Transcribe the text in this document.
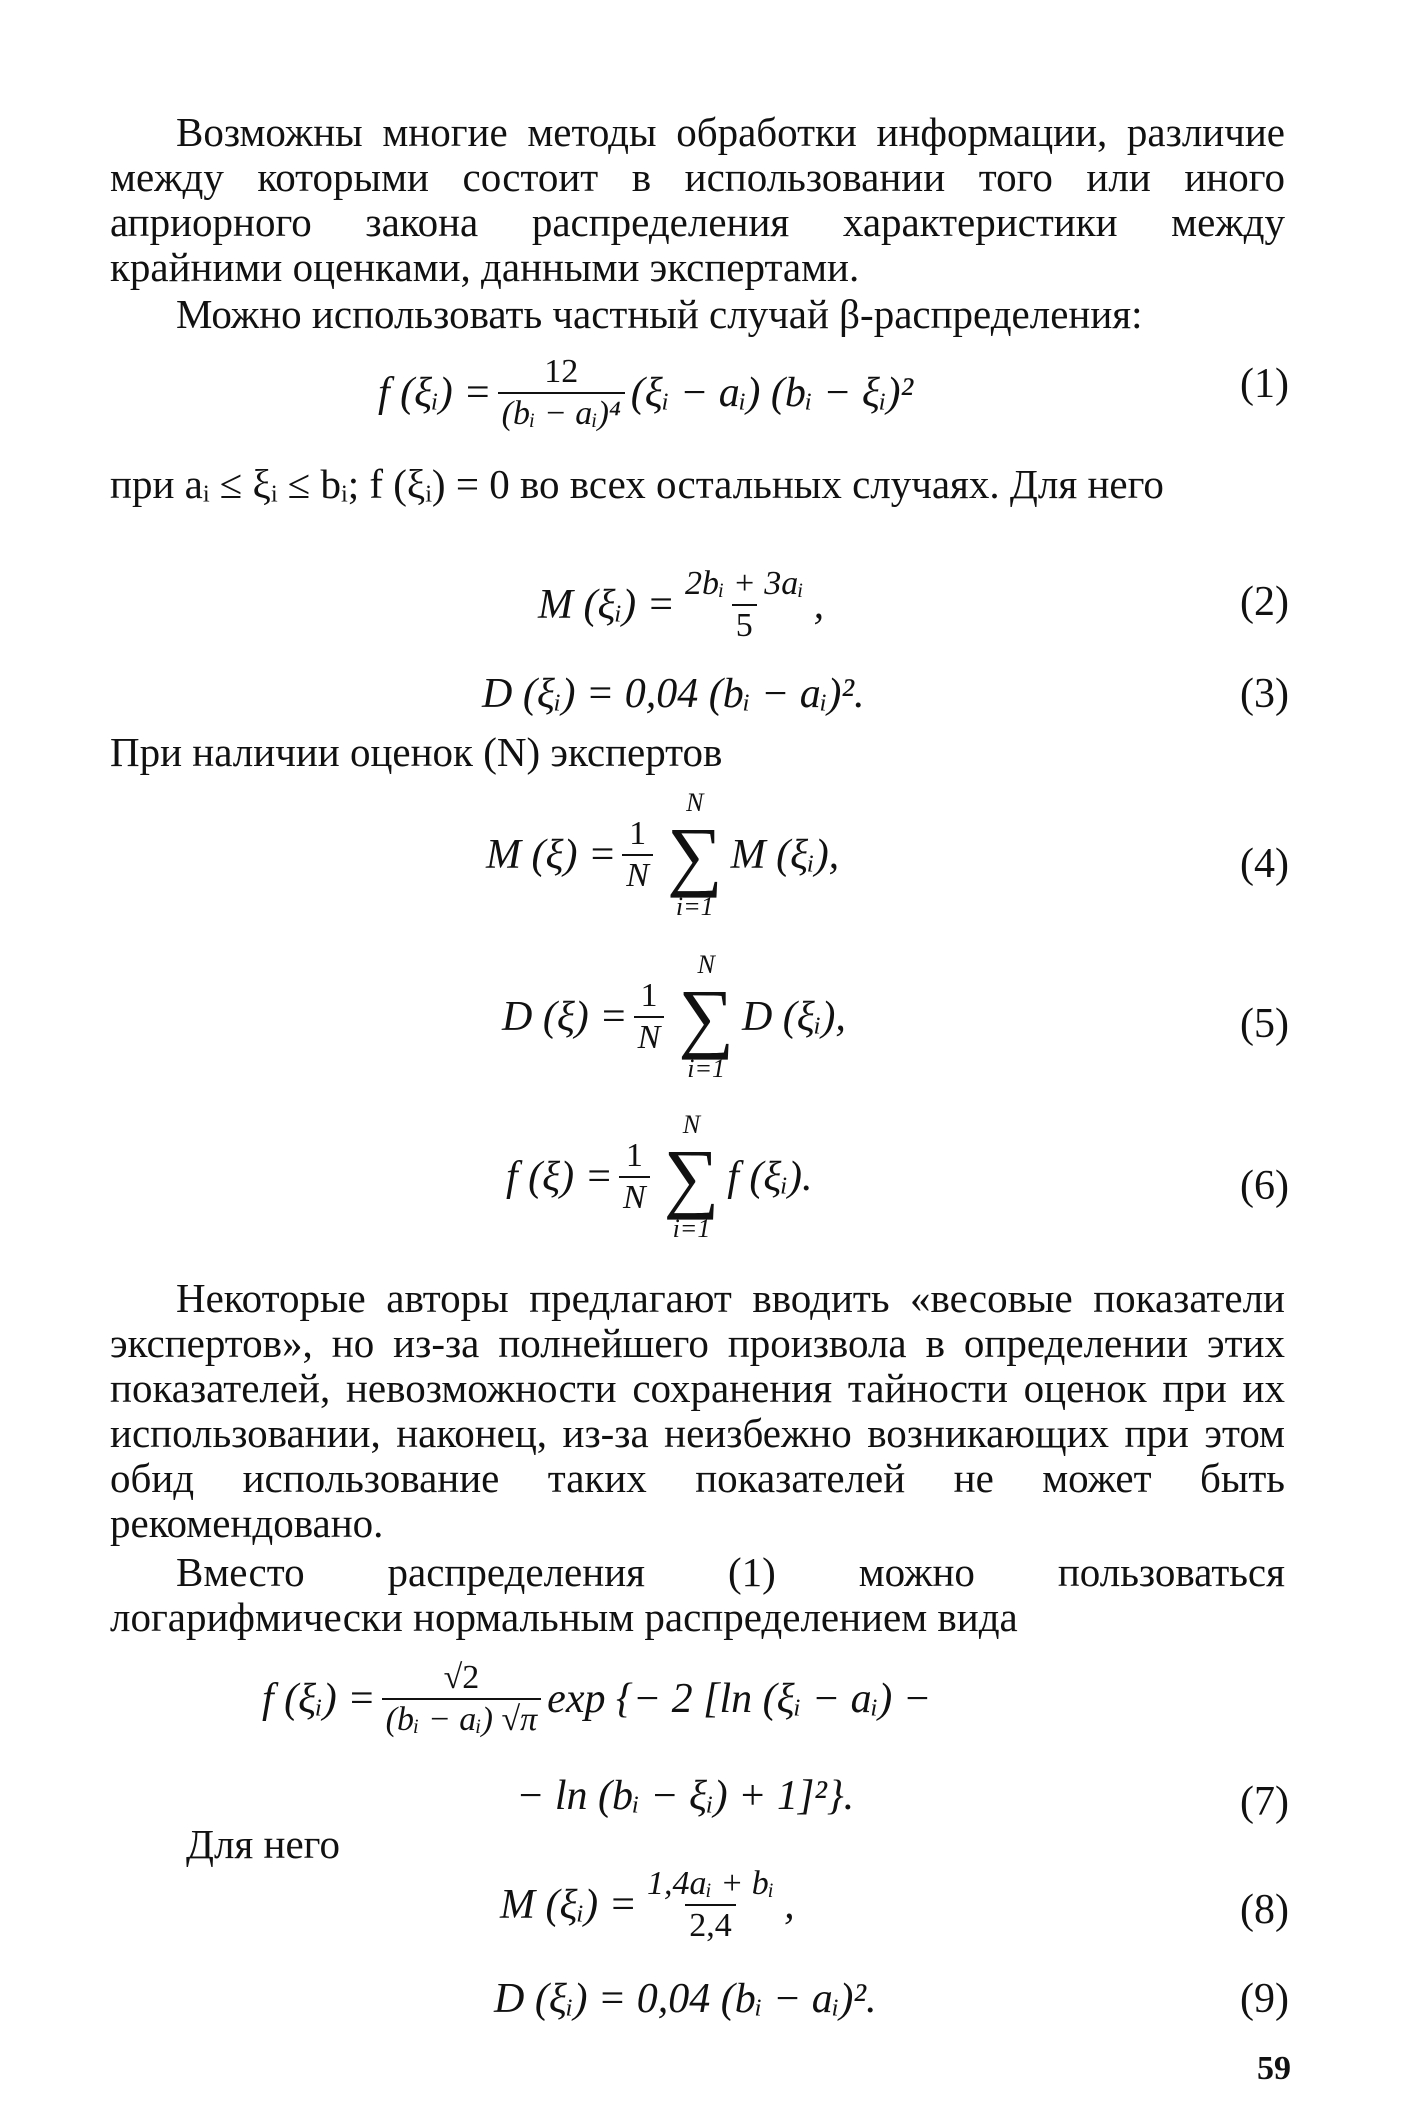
Возможны многие методы обработки информации, различие между которыми состоит в использовании того или иного априорного закона распределения характеристики между крайними оценками, данными экспертами.
Можно использовать частный случай β-распределения:
f (ξᵢ) = $\frac{12}{\text{(bᵢ − aᵢ)⁴}}$ (ξᵢ − aᵢ) (bᵢ − ξᵢ)²	(1)
при aᵢ ≤ ξᵢ ≤ bᵢ; f (ξᵢ) = 0 во всех остальных случаях. Для него
M (ξᵢ) = $\frac{\text{2bᵢ + 3aᵢ}}{5}$ ,	(2)
D (ξᵢ) = 0,04 (bᵢ − aᵢ)².	(3)
При наличии оценок (N) экспертов
M $(\xi) = \frac{1}{N}$
N
∑
i=1
M (ξᵢ),	(4)
D $(\xi) = \frac{1}{N}$
N
∑
i=1
D (ξᵢ),	(5)
f $(\xi) = \frac{1}{N}$
N
∑
i=1
f (ξᵢ).	(6)
Некоторые авторы предлагают вводить «весовые показатели экспертов», но из-за полнейшего произвола в определении этих показателей, невозможности сохранения тайности оценок при их использовании, наконец, из-за неизбежно возникающих при этом обид использование таких показателей не может быть рекомендовано.
Вместо распределения (1) можно пользоваться логарифмически нормальным распределением вида
f (ξᵢ) = $\frac{√2}{\text{(bᵢ − aᵢ) √π}}$ exp {− 2 [ln (ξᵢ − aᵢ) −
− ln (bᵢ − ξᵢ) + 1]²}.	(7)
Для него
M (ξᵢ) = $\frac{\text{1,4aᵢ + bᵢ}}{2,4}$ ,	(8)
D (ξᵢ) = 0,04 (bᵢ − aᵢ)².	(9)
59
